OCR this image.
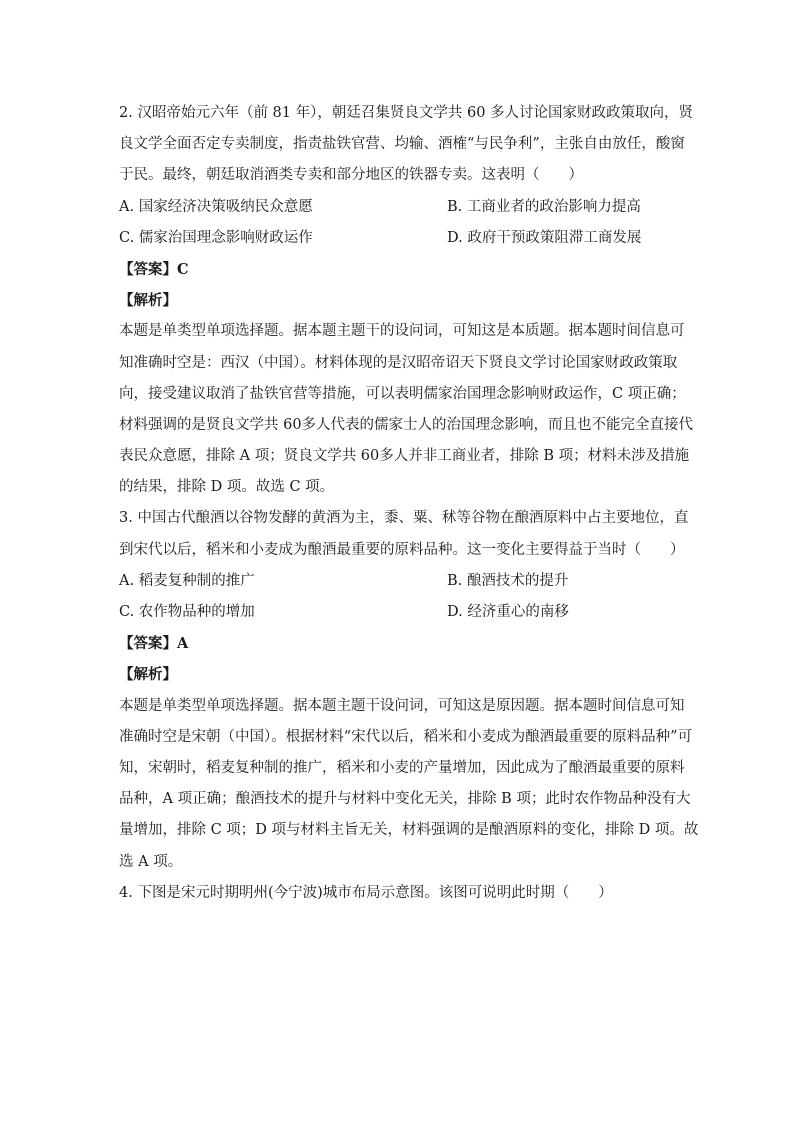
2. 汉昭帝始元六年（前 81 年），朝廷召集贤良文学共 60 多人讨论国家财政政策取向，贤
良文学全面否定专卖制度，指责盐铁官营、均输、酒榷“与民争利”，主张自由放任，酸窗
于民。最终，朝廷取消酒类专卖和部分地区的铁器专卖。这表明（　　）
A. 国家经济决策吸纳民众意愿	B. 工商业者的政治影响力提高
C. 儒家治国理念影响财政运作	D. 政府干预政策阻滞工商发展
【答案】C
【解析】
本题是单类型单项选择题。据本题主题干的设问词，可知这是本质题。据本题时间信息可
知准确时空是：西汉（中国）。材料体现的是汉昭帝诏天下贤良文学讨论国家财政政策取
向，接受建议取消了盐铁官营等措施，可以表明儒家治国理念影响财政运作，C 项正确；
材料强调的是贤良文学共 60多人代表的儒家士人的治国理念影响，而且也不能完全直接代
表民众意愿，排除 A 项；贤良文学共 60多人并非工商业者，排除 B 项；材料未涉及措施
的结果，排除 D 项。故选 C 项。
3. 中国古代酿酒以谷物发酵的黄酒为主，黍、粟、秫等谷物在酿酒原料中占主要地位，直
到宋代以后，稻米和小麦成为酿酒最重要的原料品种。这一变化主要得益于当时（　　）
A. 稻麦复种制的推广	B. 酿酒技术的提升
C. 农作物品种的增加	D. 经济重心的南移
【答案】A
【解析】
本题是单类型单项选择题。据本题主题干设问词，可知这是原因题。据本题时间信息可知
准确时空是宋朝（中国）。根据材料“宋代以后，稻米和小麦成为酿酒最重要的原料品种”可
知，宋朝时，稻麦复种制的推广，稻米和小麦的产量增加，因此成为了酿酒最重要的原料
品种，A 项正确；酿酒技术的提升与材料中变化无关，排除 B 项；此时农作物品种没有大
量增加，排除 C 项；D 项与材料主旨无关，材料强调的是酿酒原料的变化，排除 D 项。故
选 A 项。
4. 下图是宋元时期明州(今宁波)城市布局示意图。该图可说明此时期（　　）
